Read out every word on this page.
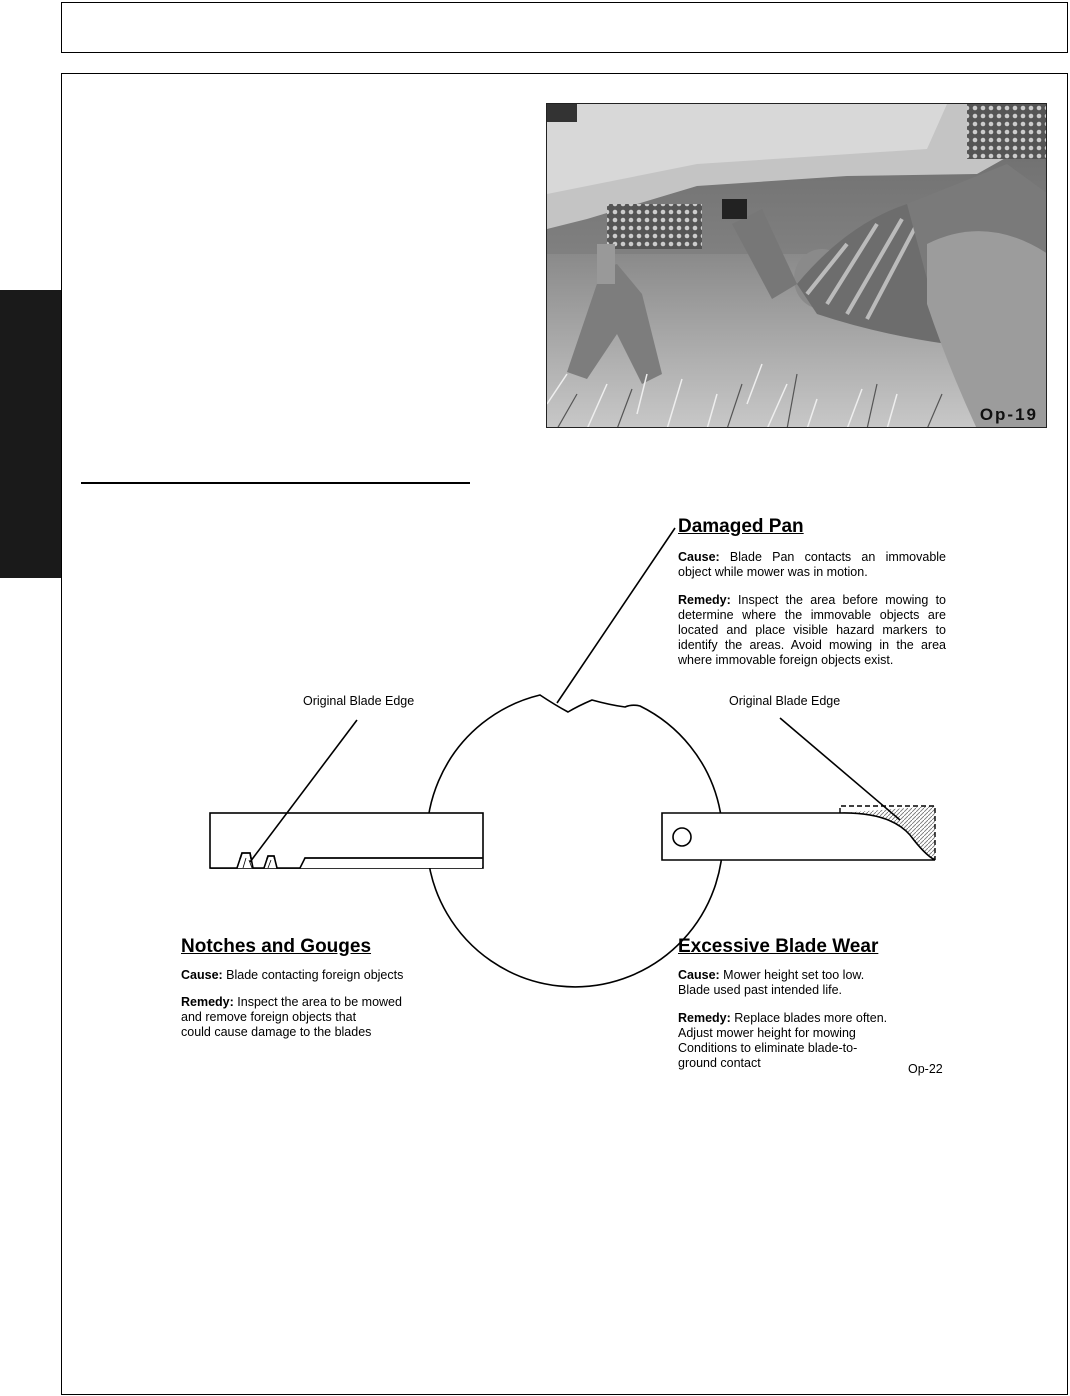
Op-19
Damaged Pan
Cause: Blade Pan contacts an immovable object while mower was in motion.
Remedy: Inspect the area before mowing to determine where the immovable objects are located and place visible hazard markers to identify the areas. Avoid mowing in the area where immovable foreign objects exist.
Original Blade Edge	Original Blade Edge
Notches and Gouges
Cause: Blade contacting foreign objects
Remedy: Inspect the area to be mowed
and remove foreign objects that
could cause damage to the blades
Excessive Blade Wear
Cause: Mower height set too low.
Blade used past intended life.
Remedy: Replace blades more often.
Adjust mower height for mowing
Conditions to eliminate blade-to-
ground contact	Op-22
